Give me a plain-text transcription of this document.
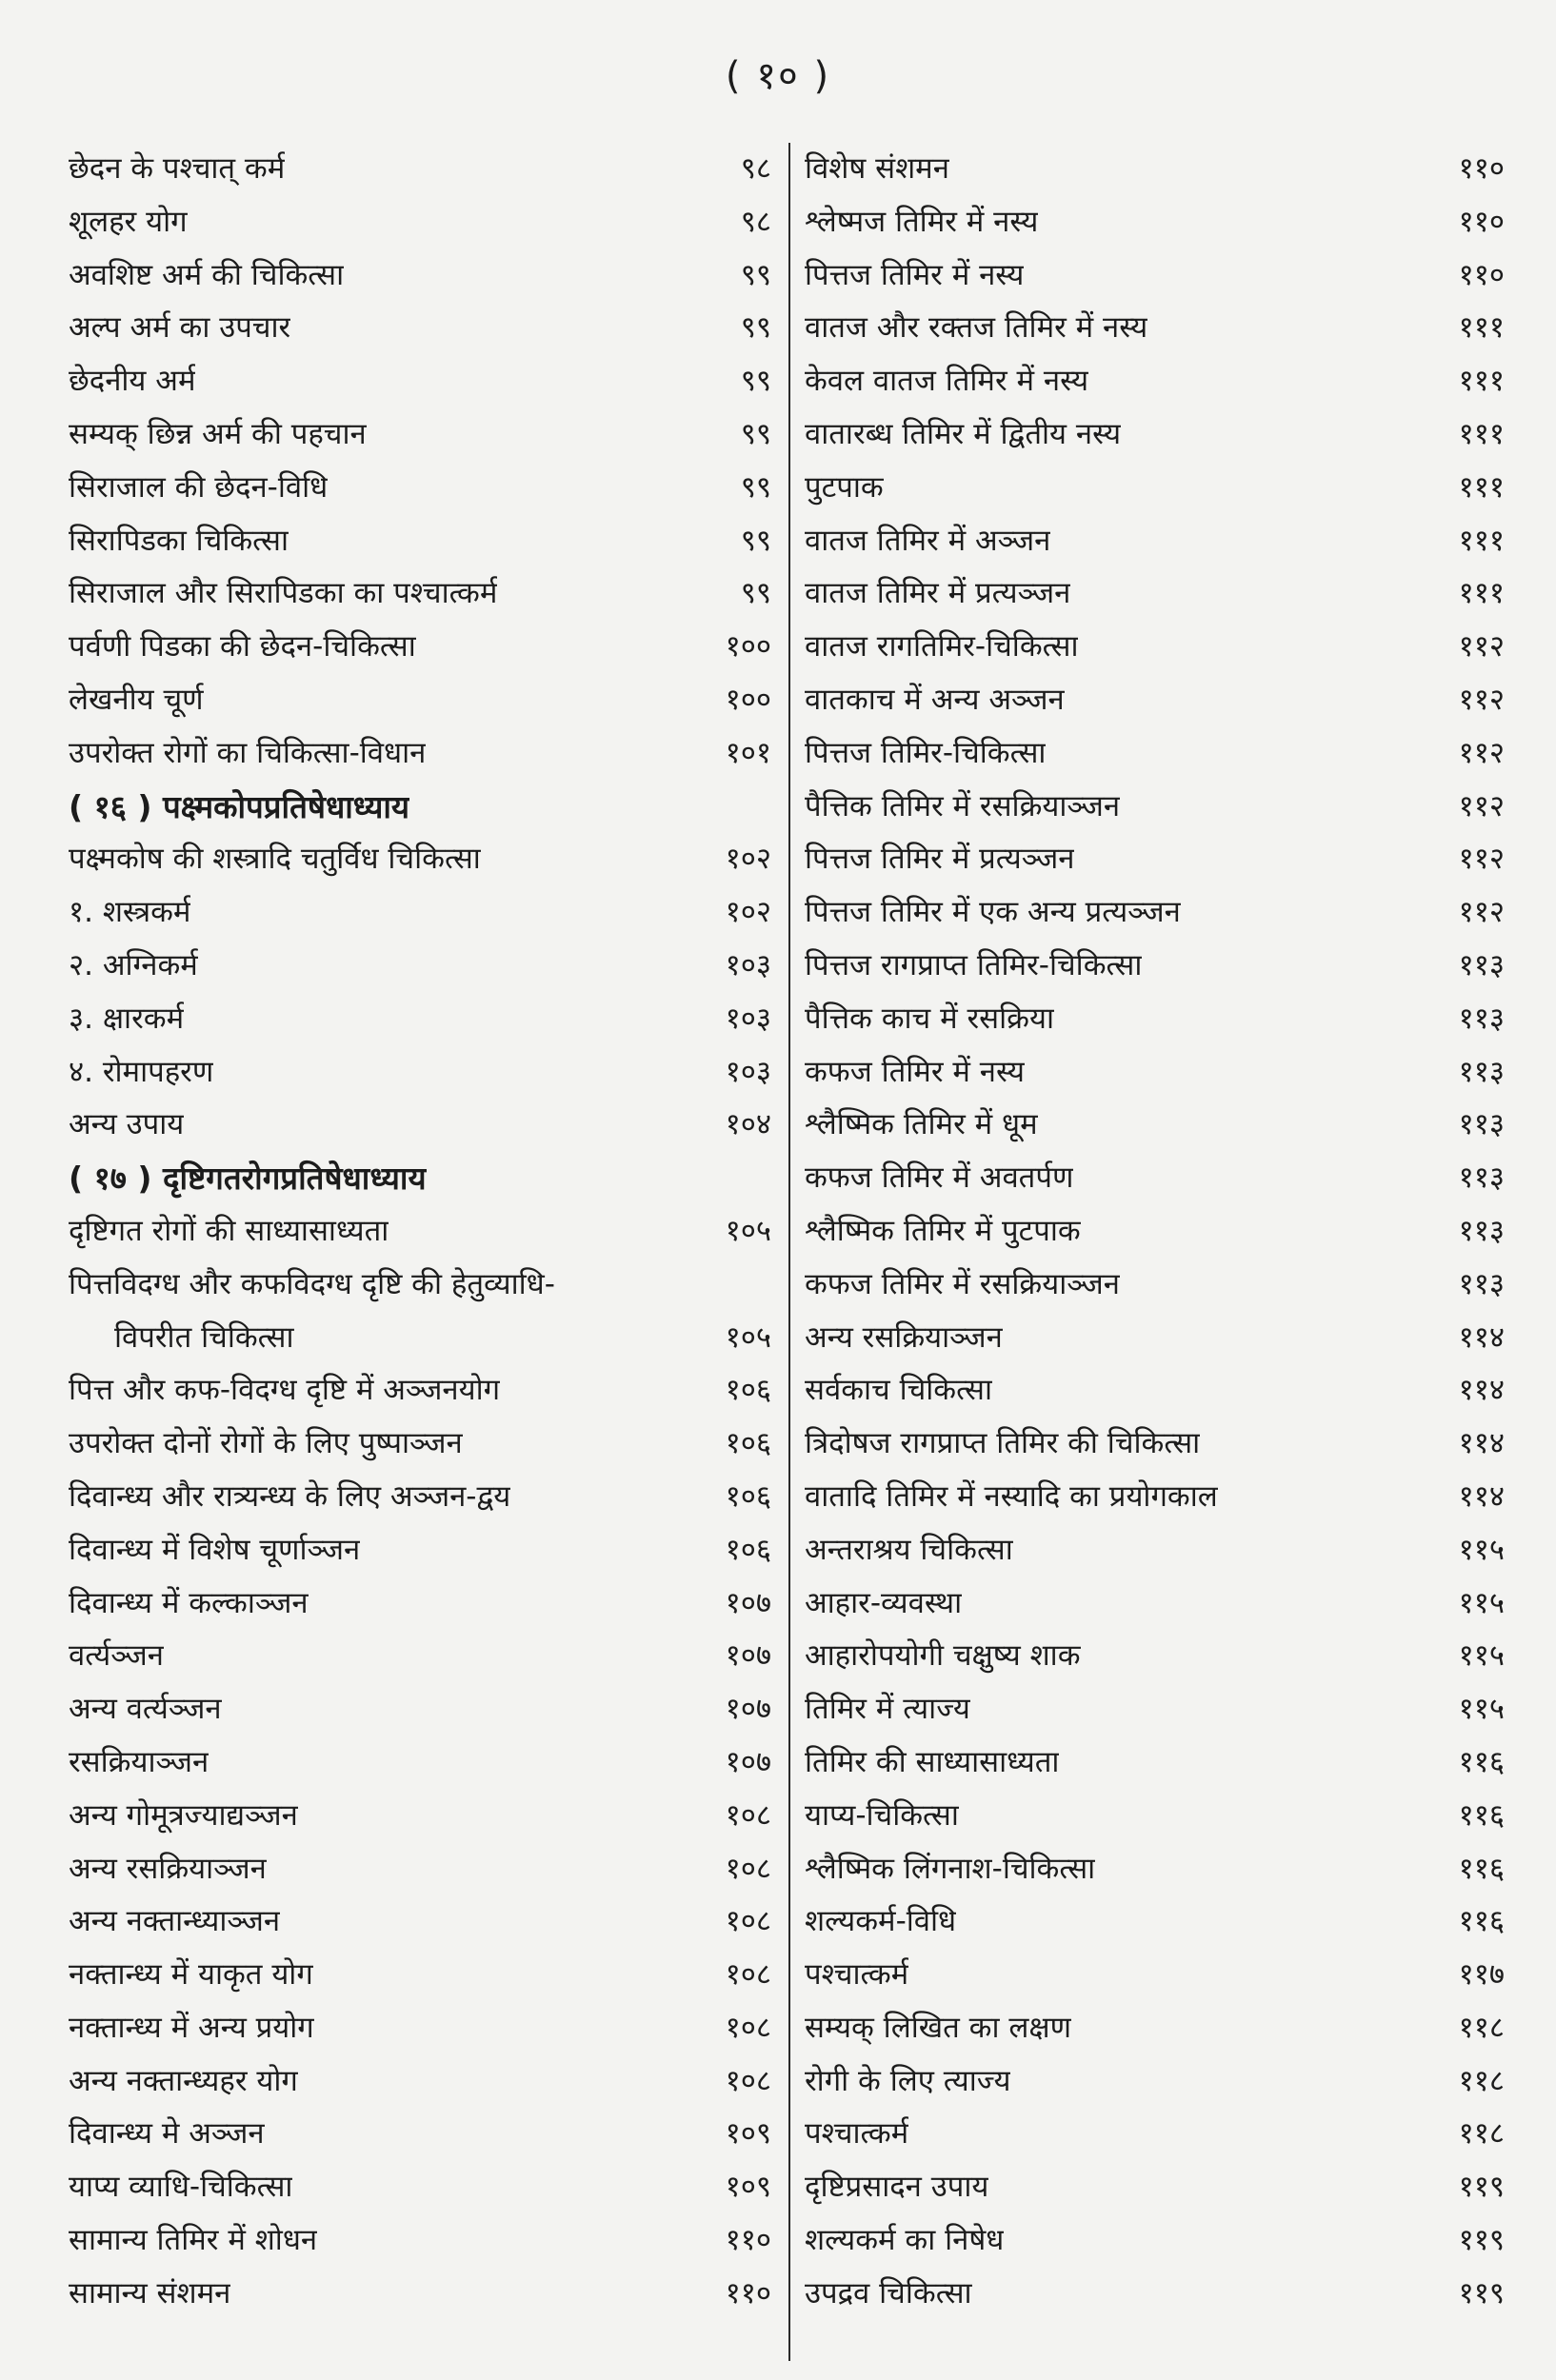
( १० )
छेदन के पश्चात् कर्म	९८
शूलहर योग	९८
अवशिष्ट अर्म की चिकित्सा	९९
अल्प अर्म का उपचार	९९
छेदनीय अर्म	९९
सम्यक् छिन्न अर्म की पहचान	९९
सिराजाल की छेदन-विधि	९९
सिरापिडका चिकित्सा	९९
सिराजाल और सिरापिडका का पश्चात्कर्म	९९
पर्वणी पिडका की छेदन-चिकित्सा	१००
लेखनीय चूर्ण	१००
उपरोक्त रोगों का चिकित्सा-विधान	१०१
( १६ ) पक्ष्मकोपप्रतिषेधाध्याय
पक्ष्मकोष की शस्त्रादि चतुर्विध चिकित्सा	१०२
१. शस्त्रकर्म	१०२
२. अग्निकर्म	१०३
३. क्षारकर्म	१०३
४. रोमापहरण	१०३
अन्य उपाय	१०४
( १७ ) दृष्टिगतरोगप्रतिषेधाध्याय
दृष्टिगत रोगों की साध्यासाध्यता	१०५
पित्तविदग्ध और कफविदग्ध दृष्टि की हेतुव्याधि-
विपरीत चिकित्सा	१०५
पित्त और कफ-विदग्ध दृष्टि में अञ्जनयोग	१०६
उपरोक्त दोनों रोगों के लिए पुष्पाञ्जन	१०६
दिवान्ध्य और रात्र्यन्ध्य के लिए अञ्जन-द्वय	१०६
दिवान्ध्य में विशेष चूर्णाञ्जन	१०६
दिवान्ध्य में कल्काञ्जन	१०७
वर्त्यञ्जन	१०७
अन्य वर्त्यञ्जन	१०७
रसक्रियाञ्जन	१०७
अन्य गोमूत्रज्याद्यञ्जन	१०८
अन्य रसक्रियाञ्जन	१०८
अन्य नक्तान्ध्याञ्जन	१०८
नक्तान्ध्य में याकृत योग	१०८
नक्तान्ध्य में अन्य प्रयोग	१०८
अन्य नक्तान्ध्यहर योग	१०८
दिवान्ध्य मे अञ्जन	१०९
याप्य व्याधि-चिकित्सा	१०९
सामान्य तिमिर में शोधन	११०
सामान्य संशमन	११०
विशेष संशमन	११०
श्लेष्मज तिमिर में नस्य	११०
पित्तज तिमिर में नस्य	११०
वातज और रक्तज तिमिर में नस्य	१११
केवल वातज तिमिर में नस्य	१११
वातारब्ध तिमिर में द्वितीय नस्य	१११
पुटपाक	१११
वातज तिमिर में अञ्जन	१११
वातज तिमिर में प्रत्यञ्जन	१११
वातज रागतिमिर-चिकित्सा	११२
वातकाच में अन्य अञ्जन	११२
पित्तज तिमिर-चिकित्सा	११२
पैत्तिक तिमिर में रसक्रियाञ्जन	११२
पित्तज तिमिर में प्रत्यञ्जन	११२
पित्तज तिमिर में एक अन्य प्रत्यञ्जन	११२
पित्तज रागप्राप्त तिमिर-चिकित्सा	११३
पैत्तिक काच में रसक्रिया	११३
कफज तिमिर में नस्य	११३
श्लैष्मिक तिमिर में धूम	११३
कफज तिमिर में अवतर्पण	११३
श्लैष्मिक तिमिर में पुटपाक	११३
कफज तिमिर में रसक्रियाञ्जन	११३
अन्य रसक्रियाञ्जन	११४
सर्वकाच चिकित्सा	११४
त्रिदोषज रागप्राप्त तिमिर की चिकित्सा	११४
वातादि तिमिर में नस्यादि का प्रयोगकाल	११४
अन्तराश्रय चिकित्सा	११५
आहार-व्यवस्था	११५
आहारोपयोगी चक्षुष्य शाक	११५
तिमिर में त्याज्य	११५
तिमिर की साध्यासाध्यता	११६
याप्य-चिकित्सा	११६
श्लैष्मिक लिंगनाश-चिकित्सा	११६
शल्यकर्म-विधि	११६
पश्चात्कर्म	११७
सम्यक् लिखित का लक्षण	११८
रोगी के लिए त्याज्य	११८
पश्चात्कर्म	११८
दृष्टिप्रसादन उपाय	११९
शल्यकर्म का निषेध	११९
उपद्रव चिकित्सा	११९
